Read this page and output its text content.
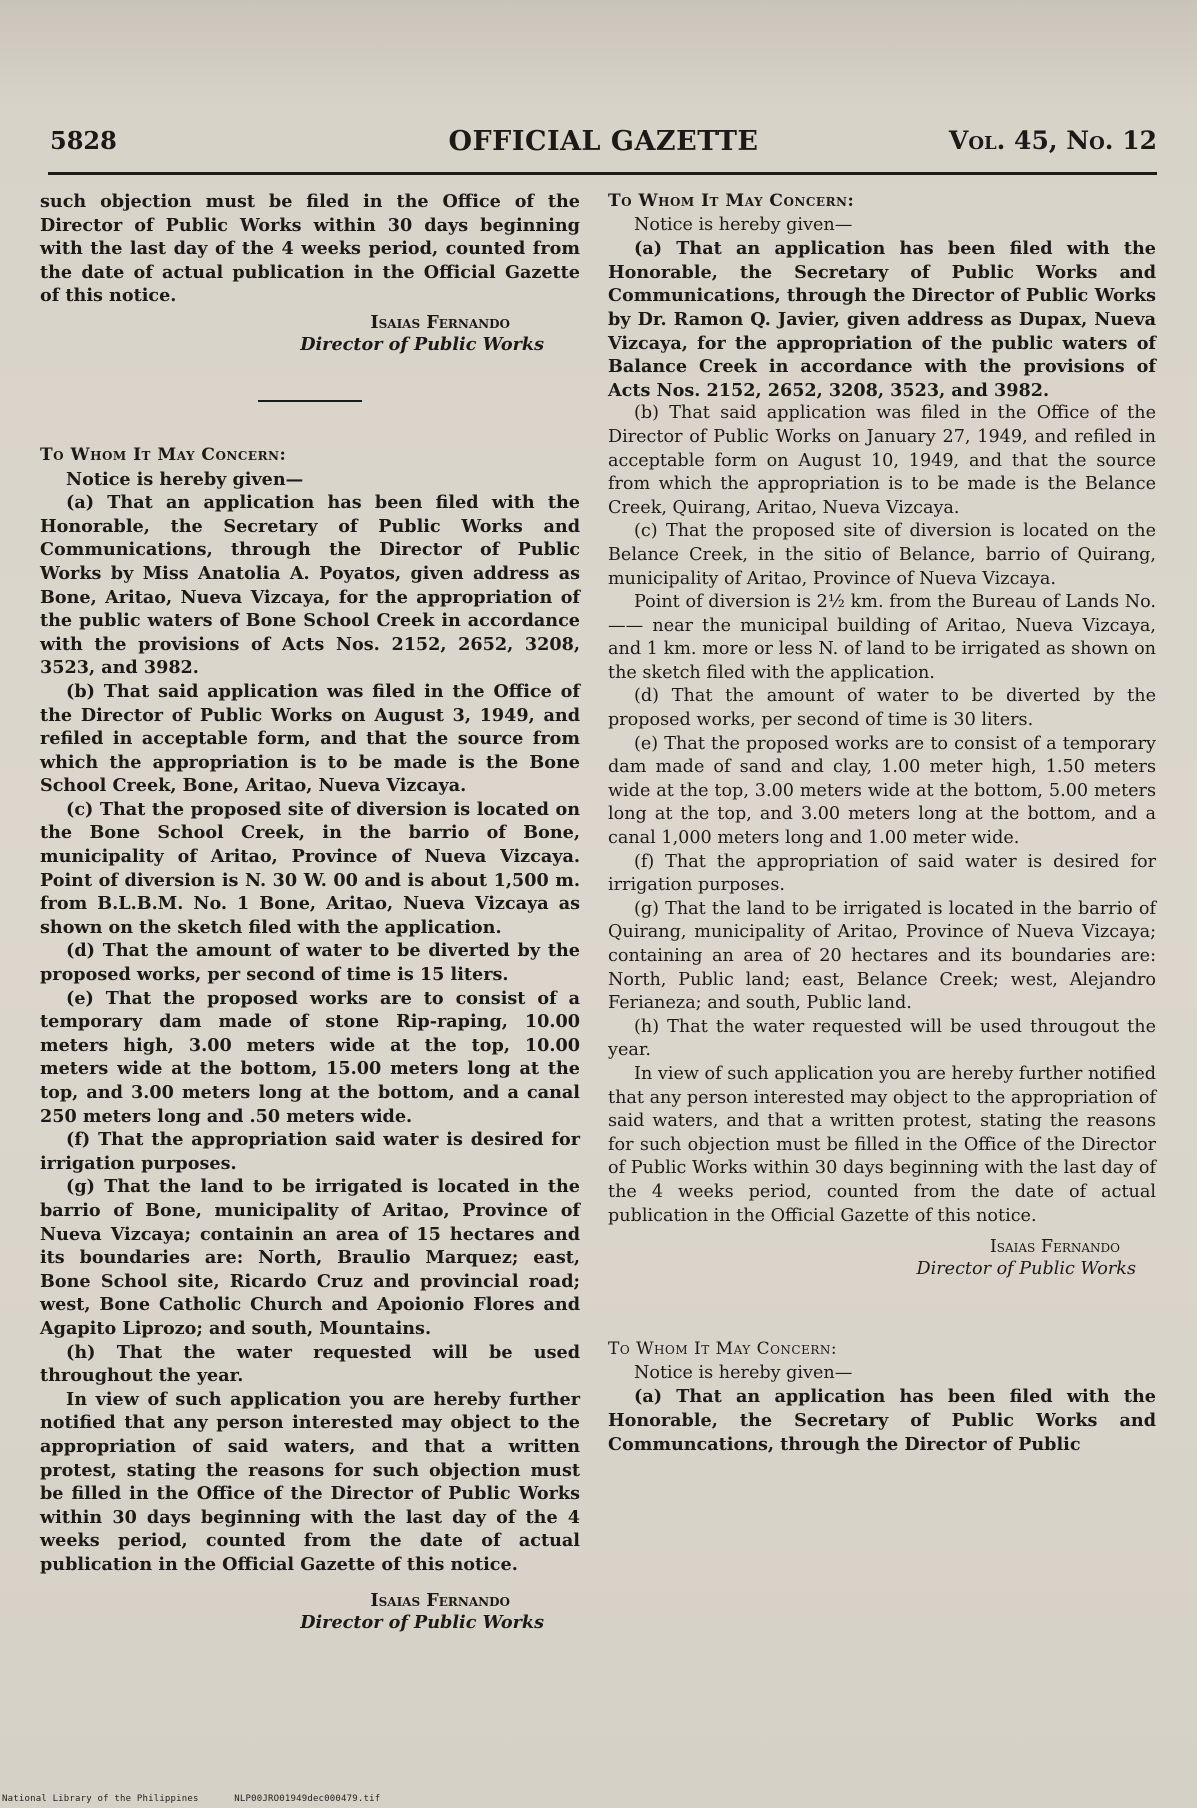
5828	OFFICIAL GAZETTE	Vol. 45, No. 12

such objection must be filed in the Office of the Director of Public Works within 30 days beginning with the last day of the 4 weeks period, counted from the date of actual publication in the Official Gazette of this notice.

Isaias Fernando
Director of Public Works

To Whom It May Concern:

Notice is hereby given—

(a) That an application has been filed with the Honorable, the Secretary of Public Works and Communications, through the Director of Public Works by Miss Anatolia A. Poyatos, given address as Bone, Aritao, Nueva Vizcaya, for the appropriation of the public waters of Bone School Creek in accordance with the provisions of Acts Nos. 2152, 2652, 3208, 3523, and 3982.

(b) That said application was filed in the Office of the Director of Public Works on August 3, 1949, and refiled in acceptable form, and that the source from which the appropriation is to be made is the Bone School Creek, Bone, Aritao, Nueva Vizcaya.

(c) That the proposed site of diversion is located on the Bone School Creek, in the barrio of Bone, municipality of Aritao, Province of Nueva Vizcaya. Point of diversion is N. 30 W. 00 and is about 1,500 m. from B.L.B.M. No. 1 Bone, Aritao, Nueva Vizcaya as shown on the sketch filed with the application.

(d) That the amount of water to be diverted by the proposed works, per second of time is 15 liters.

(e) That the proposed works are to consist of a temporary dam made of stone Rip-raping, 10.00 meters high, 3.00 meters wide at the top, 10.00 meters wide at the bottom, 15.00 meters long at the top, and 3.00 meters long at the bottom, and a canal 250 meters long and .50 meters wide.

(f) That the appropriation said water is desired for irrigation purposes.

(g) That the land to be irrigated is located in the barrio of Bone, municipality of Aritao, Province of Nueva Vizcaya; containin an area of 15 hectares and its boundaries are: North, Braulio Marquez; east, Bone School site, Ricardo Cruz and provincial road; west, Bone Catholic Church and Apoionio Flores and Agapito Liprozo; and south, Mountains.

(h) That the water requested will be used throughout the year.

In view of such application you are hereby further notified that any person interested may object to the appropriation of said waters, and that a written protest, stating the reasons for such objection must be filled in the Office of the Director of Public Works within 30 days beginning with the last day of the 4 weeks period, counted from the date of actual publication in the Official Gazette of this notice.

Isaias Fernando
Director of Public Works

To Whom It May Concern:

Notice is hereby given—

(a) That an application has been filed with the Honorable, the Secretary of Public Works and Communications, through the Director of Public Works by Dr. Ramon Q. Javier, given address as Dupax, Nueva Vizcaya, for the appropriation of the public waters of Balance Creek in accordance with the provisions of Acts Nos. 2152, 2652, 3208, 3523, and 3982.

(b) That said application was filed in the Office of the Director of Public Works on January 27, 1949, and refiled in acceptable form on August 10, 1949, and that the source from which the appropriation is to be made is the Belance Creek, Quirang, Aritao, Nueva Vizcaya.

(c) That the proposed site of diversion is located on the Belance Creek, in the sitio of Belance, barrio of Quirang, municipality of Aritao, Province of Nueva Vizcaya.

Point of diversion is 2½ km. from the Bureau of Lands No. —— near the municipal building of Aritao, Nueva Vizcaya, and 1 km. more or less N. of land to be irrigated as shown on the sketch filed with the application.

(d) That the amount of water to be diverted by the proposed works, per second of time is 30 liters.

(e) That the proposed works are to consist of a temporary dam made of sand and clay, 1.00 meter high, 1.50 meters wide at the top, 3.00 meters wide at the bottom, 5.00 meters long at the top, and 3.00 meters long at the bottom, and a canal 1,000 meters long and 1.00 meter wide.

(f) That the appropriation of said water is desired for irrigation purposes.

(g) That the land to be irrigated is located in the barrio of Quirang, municipality of Aritao, Province of Nueva Vizcaya; containing an area of 20 hectares and its boundaries are: North, Public land; east, Belance Creek; west, Alejandro Ferianeza; and south, Public land.

(h) That the water requested will be used througout the year.

In view of such application you are hereby further notified that any person interested may object to the appropriation of said waters, and that a written protest, stating the reasons for such objection must be filled in the Office of the Director of Public Works within 30 days beginning with the last day of the 4 weeks period, counted from the date of actual publication in the Official Gazette of this notice.

Isaias Fernando
Director of Public Works

To Whom It May Concern:

Notice is hereby given—

(a) That an application has been filed with the Honorable, the Secretary of Public Works and Communcations, through the Director of Public

National Library of the Philippines	NLP00JRO01949dec000479.tif
